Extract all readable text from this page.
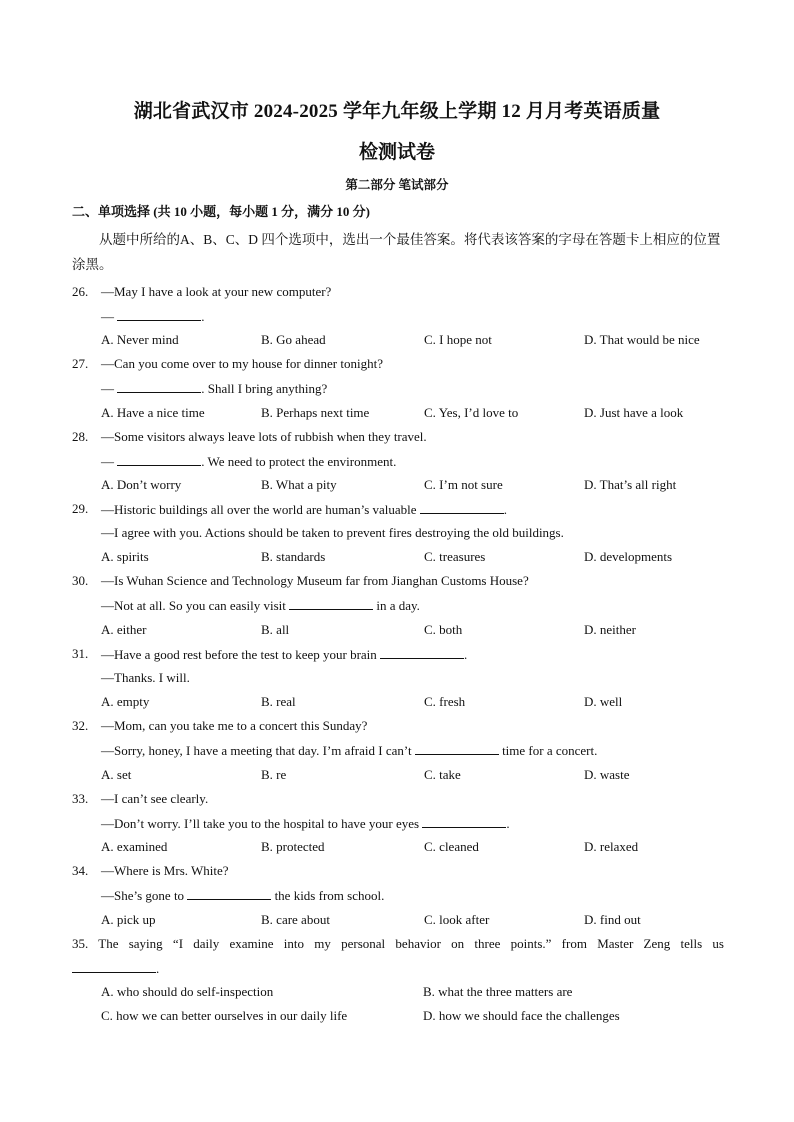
湖北省武汉市 2024-2025 学年九年级上学期 12 月月考英语质量
检测试卷
第二部分 笔试部分
二、单项选择 (共 10 小题，每小题 1 分，满分 10 分)
从题中所给的A、B、C、D 四个选项中，选出一个最佳答案。将代表该答案的字母在答题卡上相应的位置涂黑。
26. —May I have a look at your new computer?
—	.
A. Never mind	B. Go ahead	C. I hope not	D. That would be nice
27. —Can you come over to my house for dinner tonight?
—	. Shall I bring anything?
A. Have a nice time	B. Perhaps next time	C. Yes, I’d love to	D. Just have a look
28. —Some visitors always leave lots of rubbish when they travel.
—	. We need to protect the environment.
A. Don’t worry	B. What a pity	C. I’m not sure	D. That’s all right
29. —Historic buildings all over the world are human’s valuable	.
—I agree with you. Actions should be taken to prevent fires destroying the old buildings.
A. spirits	B. standards	C. treasures	D. developments
30. —Is Wuhan Science and Technology Museum far from Jianghan Customs House?
—Not at all. So you can easily visit	in a day.
A. either	B. all	C. both	D. neither
31. —Have a good rest before the test to keep your brain	.
—Thanks. I will.
A. empty	B. real	C. fresh	D. well
32. —Mom, can you take me to a concert this Sunday?
—Sorry, honey, I have a meeting that day. I’m afraid I can’t	time for a concert.
A. set	B. re	C. take	D. waste
33. —I can’t see clearly.
—Don’t worry. I’ll take you to the hospital to have your eyes	.
A. examined	B. protected	C. cleaned	D. relaxed
34. —Where is Mrs. White?
—She’s gone to	the kids from school.
A. pick up	B. care about	C. look after	D. find out
35. The saying “I daily examine into my personal behavior on three points.” from Master Zeng tells us
.
A. who should do self-inspection	B. what the three matters are
C. how we can better ourselves in our daily life	D. how we should face the challenges
